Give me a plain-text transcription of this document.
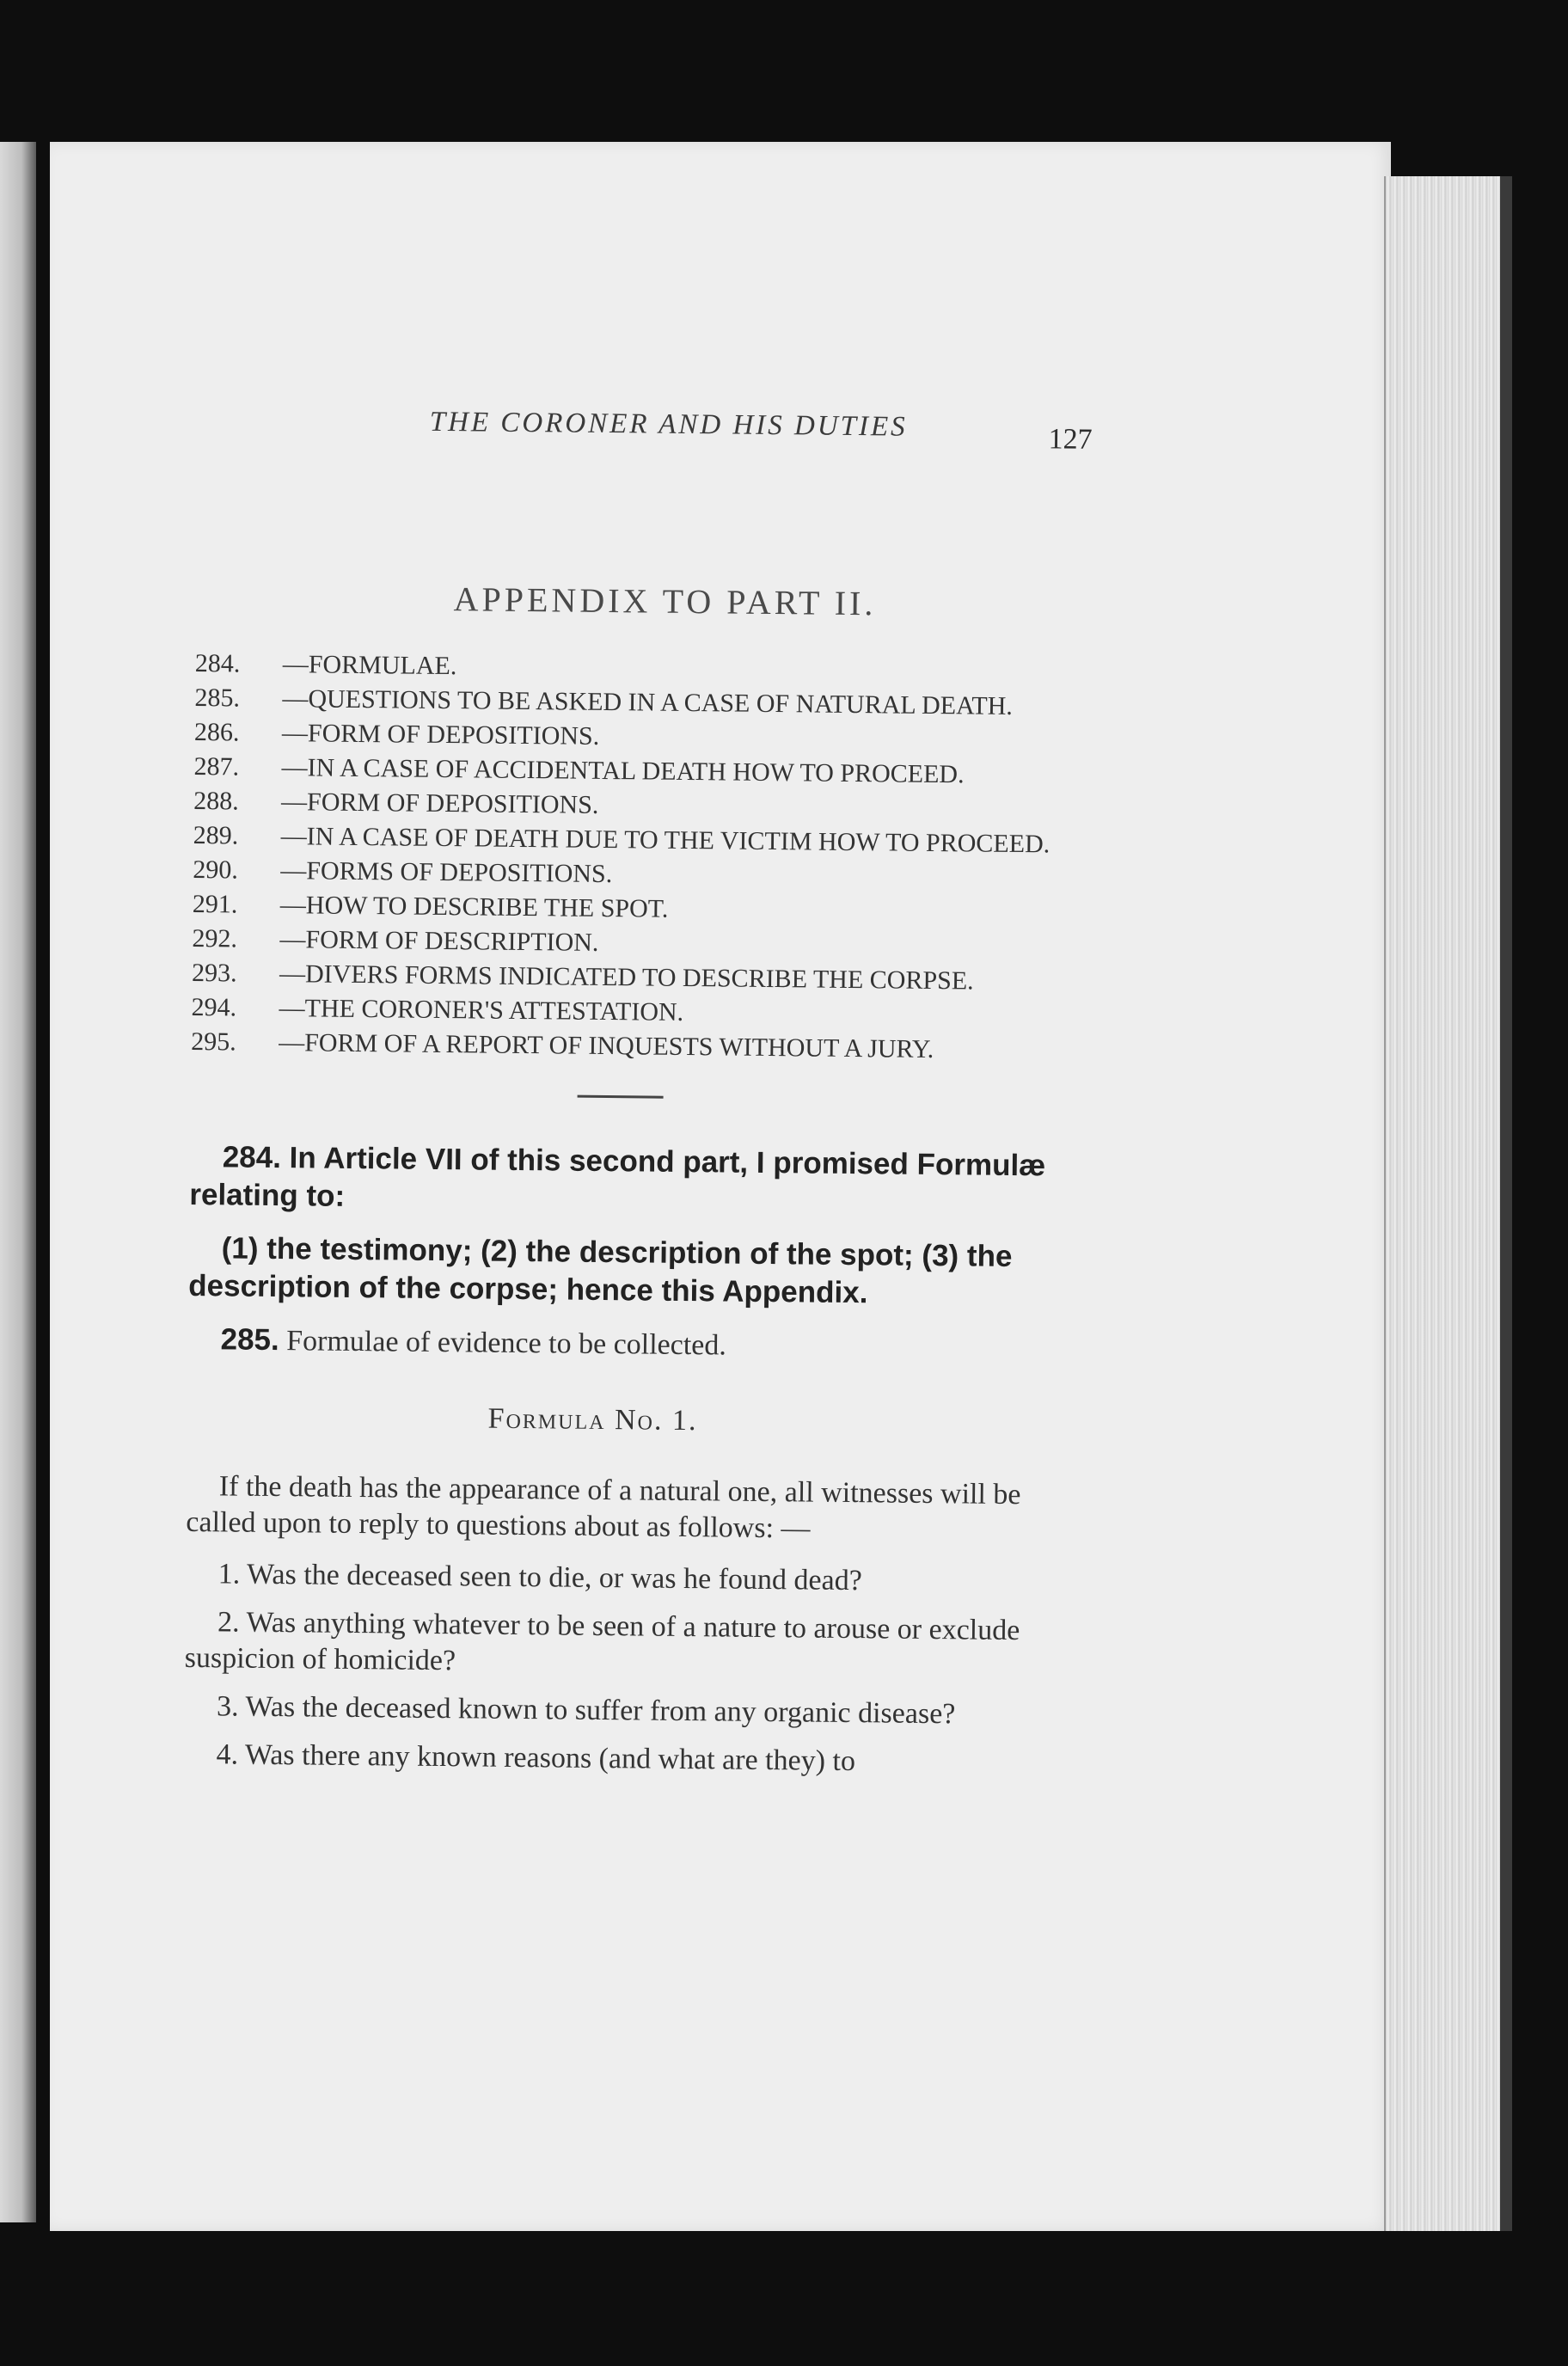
THE CORONER AND HIS DUTIES	127
APPENDIX TO PART II.
284. —FORMULAE.
285. —QUESTIONS TO BE ASKED IN A CASE OF NATURAL DEATH.
286. —FORM OF DEPOSITIONS.
287. —IN A CASE OF ACCIDENTAL DEATH HOW TO PROCEED.
288. —FORM OF DEPOSITIONS.
289. —IN A CASE OF DEATH DUE TO THE VICTIM HOW TO PROCEED.
290. —FORMS OF DEPOSITIONS.
291. —HOW TO DESCRIBE THE SPOT.
292. —FORM OF DESCRIPTION.
293. —DIVERS FORMS INDICATED TO DESCRIBE THE CORPSE.
294. —THE CORONER'S ATTESTATION.
295. —FORM OF A REPORT OF INQUESTS WITHOUT A JURY.

284. In Article VII of this second part, I promised Formulæ relating to:

(1) the testimony; (2) the description of the spot; (3) the description of the corpse; hence this Appendix.

285. Formulae of evidence to be collected.

Formula No. 1.

If the death has the appearance of a natural one, all witnesses will be called upon to reply to questions about as follows: —

1. Was the deceased seen to die, or was he found dead?

2. Was anything whatever to be seen of a nature to arouse or exclude suspicion of homicide?

3. Was the deceased known to suffer from any organic disease?

4. Was there any known reasons (and what are they) to
